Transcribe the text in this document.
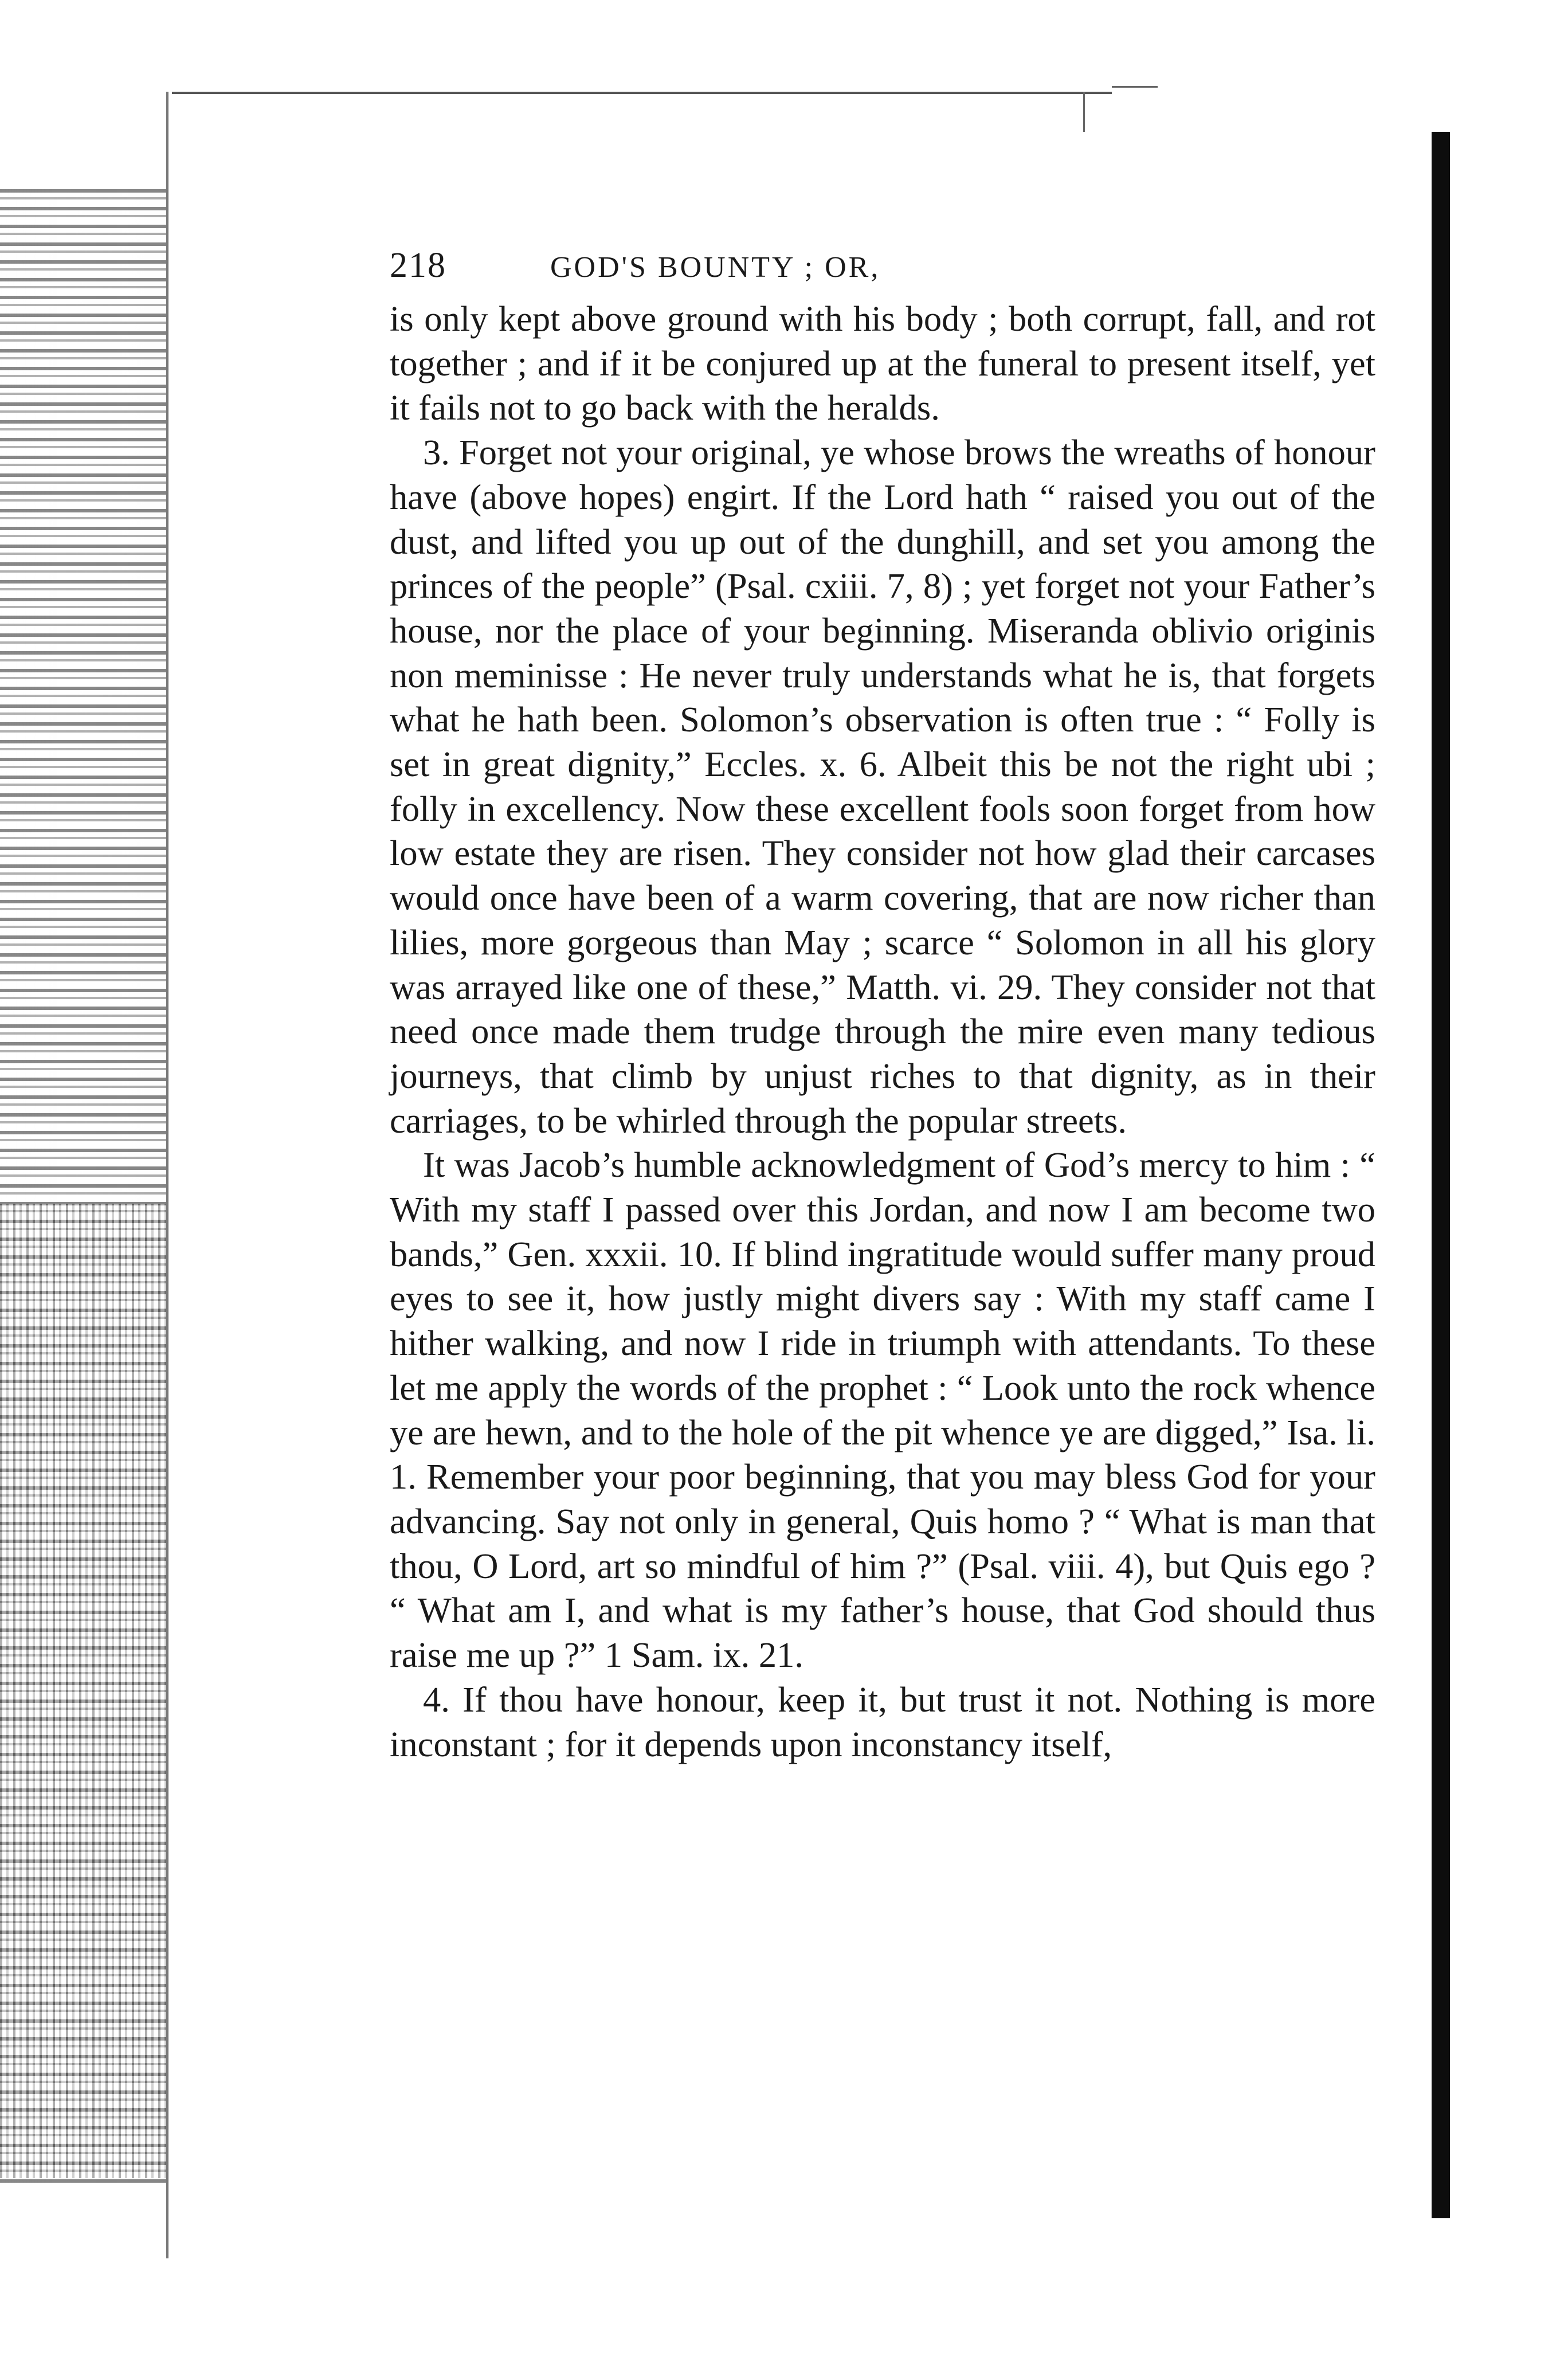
218	GOD'S BOUNTY ; OR,

is only kept above ground with his body ; both corrupt, fall, and rot together ; and if it be conjured up at the funeral to present itself, yet it fails not to go back with the heralds.

3. Forget not your original, ye whose brows the wreaths of honour have (above hopes) engirt. If the Lord hath “ raised you out of the dust, and lifted you up out of the dunghill, and set you among the princes of the people” (Psal. cxiii. 7, 8) ; yet forget not your Father’s house, nor the place of your beginning. Miseranda oblivio originis non meminisse : He never truly understands what he is, that forgets what he hath been. Solomon’s observation is often true : “ Folly is set in great dignity,” Eccles. x. 6. Albeit this be not the right ubi ; folly in excellency. Now these excellent fools soon forget from how low estate they are risen. They consider not how glad their carcases would once have been of a warm covering, that are now richer than lilies, more gorgeous than May ; scarce “ Solomon in all his glory was arrayed like one of these,” Matth. vi. 29. They consider not that need once made them trudge through the mire even many tedious journeys, that climb by unjust riches to that dignity, as in their carriages, to be whirled through the popular streets.

It was Jacob’s humble acknowledgment of God’s mercy to him : “ With my staff I passed over this Jordan, and now I am become two bands,” Gen. xxxii. 10. If blind ingratitude would suffer many proud eyes to see it, how justly might divers say : With my staff came I hither walking, and now I ride in triumph with attendants. To these let me apply the words of the prophet : “ Look unto the rock whence ye are hewn, and to the hole of the pit whence ye are digged,” Isa. li. 1. Remember your poor beginning, that you may bless God for your advancing. Say not only in general, Quis homo ? “ What is man that thou, O Lord, art so mindful of him ?” (Psal. viii. 4), but Quis ego ? “ What am I, and what is my father’s house, that God should thus raise me up ?” 1 Sam. ix. 21.

4. If thou have honour, keep it, but trust it not. Nothing is more inconstant ; for it depends upon inconstancy itself,
